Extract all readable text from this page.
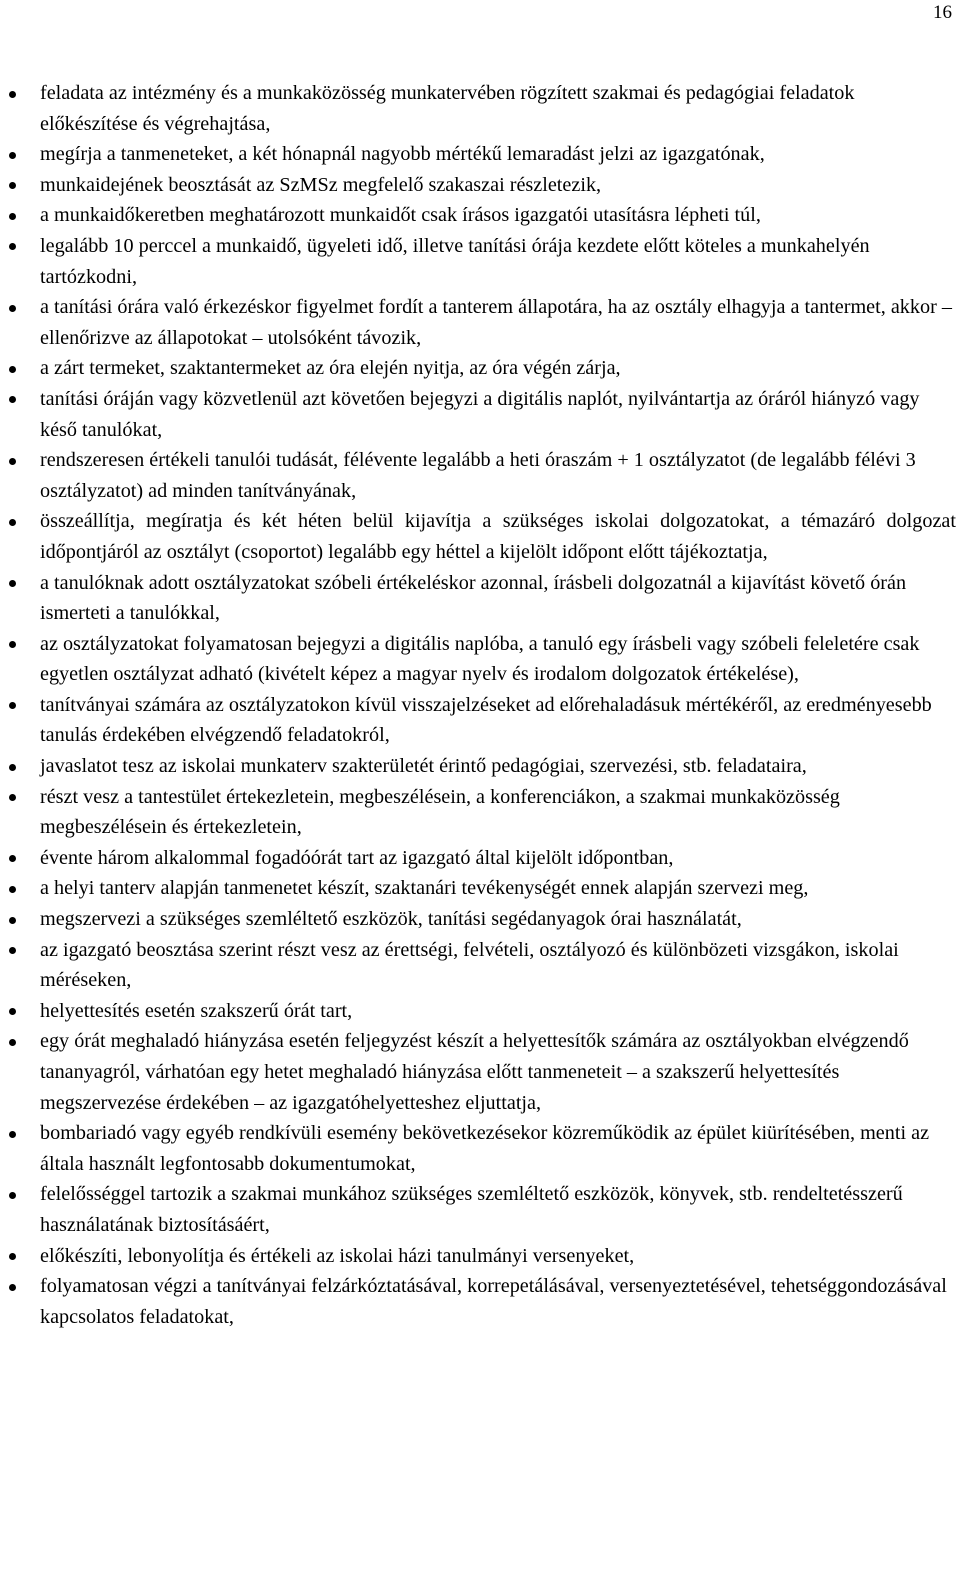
16
feladata az intézmény és a munkaközösség munkatervében rögzített szakmai és pedagógiai feladatok előkészítése és végrehajtása,
megírja a tanmeneteket, a két hónapnál nagyobb mértékű lemaradást jelzi az igazgatónak,
munkaidejének beosztását az SzMSz megfelelő szakaszai részletezik,
a munkaidőkeretben meghatározott munkaidőt csak írásos igazgatói utasításra lépheti túl,
legalább 10 perccel a munkaidő, ügyeleti idő, illetve tanítási órája kezdete előtt köteles a munkahelyén tartózkodni,
a tanítási órára való érkezéskor figyelmet fordít a tanterem állapotára, ha az osztály elhagyja a tantermet, akkor – ellenőrizve az állapotokat – utolsóként távozik,
a zárt termeket, szaktantermeket az óra elején nyitja, az óra végén zárja,
tanítási óráján vagy közvetlenül azt követően bejegyzi a digitális naplót, nyilvántartja az óráról hiányzó vagy késő tanulókat,
rendszeresen értékeli tanulói tudását, félévente legalább a heti óraszám + 1 osztályzatot (de legalább félévi 3 osztályzatot) ad minden tanítványának,
összeállítja, megíratja és két héten belül kijavítja a szükséges iskolai dolgozatokat, a témazáró dolgozat időpontjáról az osztályt (csoportot) legalább egy héttel a kijelölt időpont előtt tájékoztatja,
a tanulóknak adott osztályzatokat szóbeli értékeléskor azonnal, írásbeli dolgozatnál a kijavítást követő órán ismerteti a tanulókkal,
az osztályzatokat folyamatosan bejegyzi a digitális naplóba, a tanuló egy írásbeli vagy szóbeli feleletére csak egyetlen osztályzat adható (kivételt képez a magyar nyelv és irodalom dolgozatok értékelése),
tanítványai számára az osztályzatokon kívül visszajelzéseket ad előrehaladásuk mértékéről, az eredményesebb tanulás érdekében elvégzendő feladatokról,
javaslatot tesz az iskolai munkaterv szakterületét érintő pedagógiai, szervezési, stb. feladataira,
részt vesz a tantestület értekezletein, megbeszélésein, a konferenciákon, a szakmai munkaközösség megbeszélésein és értekezletein,
évente három alkalommal fogadóórát tart az igazgató által kijelölt időpontban,
a helyi tanterv alapján tanmenetet készít, szaktanári tevékenységét ennek alapján szervezi meg,
megszervezi a szükséges szemléltető eszközök, tanítási segédanyagok órai használatát,
az igazgató beosztása szerint részt vesz az érettségi, felvételi, osztályozó és különbözeti vizsgákon, iskolai méréseken,
helyettesítés esetén szakszerű órát tart,
egy órát meghaladó hiányzása esetén feljegyzést készít a helyettesítők számára az osztályokban elvégzendő tananyagról, várhatóan egy hetet meghaladó hiányzása előtt tanmeneteit – a szakszerű helyettesítés megszervezése érdekében – az igazgatóhelyetteshez eljuttatja,
bombariadó vagy egyéb rendkívüli esemény bekövetkezésekor közreműködik az épület kiürítésében, menti az általa használt legfontosabb dokumentumokat,
felelősséggel tartozik a szakmai munkához szükséges szemléltető eszközök, könyvek, stb. rendeltetésszerű használatának biztosításáért,
előkészíti, lebonyolítja és értékeli az iskolai házi tanulmányi versenyeket,
folyamatosan végzi a tanítványai felzárkóztatásával, korrepetálásával, versenyeztetésével, tehetséggondozásával kapcsolatos feladatokat,
